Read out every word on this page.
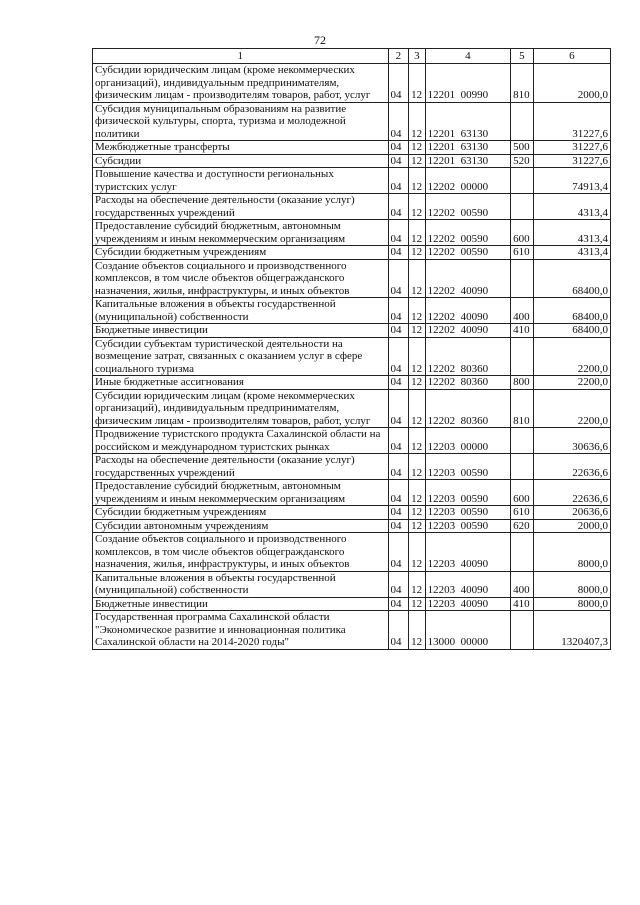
72
1	2	3	4	5	6
Субсидии юридическим лицам (кроме некоммерческих организаций), индивидуальным предпринимателям, физическим лицам - производителям товаров, работ, услуг	04	12	12201  00990	810	2000,0
Субсидия муниципальным образованиям на развитие физической культуры, спорта, туризма и молодежной политики	04	12	12201  63130		31227,6
Межбюджетные трансферты	04	12	12201  63130	500	31227,6
Субсидии	04	12	12201  63130	520	31227,6
Повышение качества и доступности региональных туристских услуг	04	12	12202  00000		74913,4
Расходы на обеспечение деятельности (оказание услуг) государственных учреждений	04	12	12202  00590		4313,4
Предоставление субсидий бюджетным, автономным учреждениям и иным некоммерческим организациям	04	12	12202  00590	600	4313,4
Субсидии бюджетным учреждениям	04	12	12202  00590	610	4313,4
Создание объектов социального и производственного комплексов, в том числе объектов общегражданского назначения, жилья, инфраструктуры, и иных объектов	04	12	12202  40090		68400,0
Капитальные вложения в объекты государственной (муниципальной) собственности	04	12	12202  40090	400	68400,0
Бюджетные инвестиции	04	12	12202  40090	410	68400,0
Субсидии субъектам туристической деятельности на возмещение затрат, связанных с оказанием услуг в сфере социального туризма	04	12	12202  80360		2200,0
Иные бюджетные ассигнования	04	12	12202  80360	800	2200,0
Субсидии юридическим лицам (кроме некоммерческих организаций), индивидуальным предпринимателям, физическим лицам - производителям товаров, работ, услуг	04	12	12202  80360	810	2200,0
Продвижение туристского продукта Сахалинской области на российском и международном туристских рынках	04	12	12203  00000		30636,6
Расходы на обеспечение деятельности (оказание услуг) государственных учреждений	04	12	12203  00590		22636,6
Предоставление субсидий бюджетным, автономным учреждениям и иным некоммерческим организациям	04	12	12203  00590	600	22636,6
Субсидии бюджетным учреждениям	04	12	12203  00590	610	20636,6
Субсидии автономным учреждениям	04	12	12203  00590	620	2000,0
Создание объектов социального и производственного комплексов, в том числе объектов общегражданского назначения, жилья, инфраструктуры, и иных объектов	04	12	12203  40090		8000,0
Капитальные вложения в объекты государственной (муниципальной) собственности	04	12	12203  40090	400	8000,0
Бюджетные инвестиции	04	12	12203  40090	410	8000,0
Государственная программа Сахалинской области "Экономическое развитие и инновационная политика Сахалинской области на 2014-2020 годы"	04	12	13000  00000		1320407,3
